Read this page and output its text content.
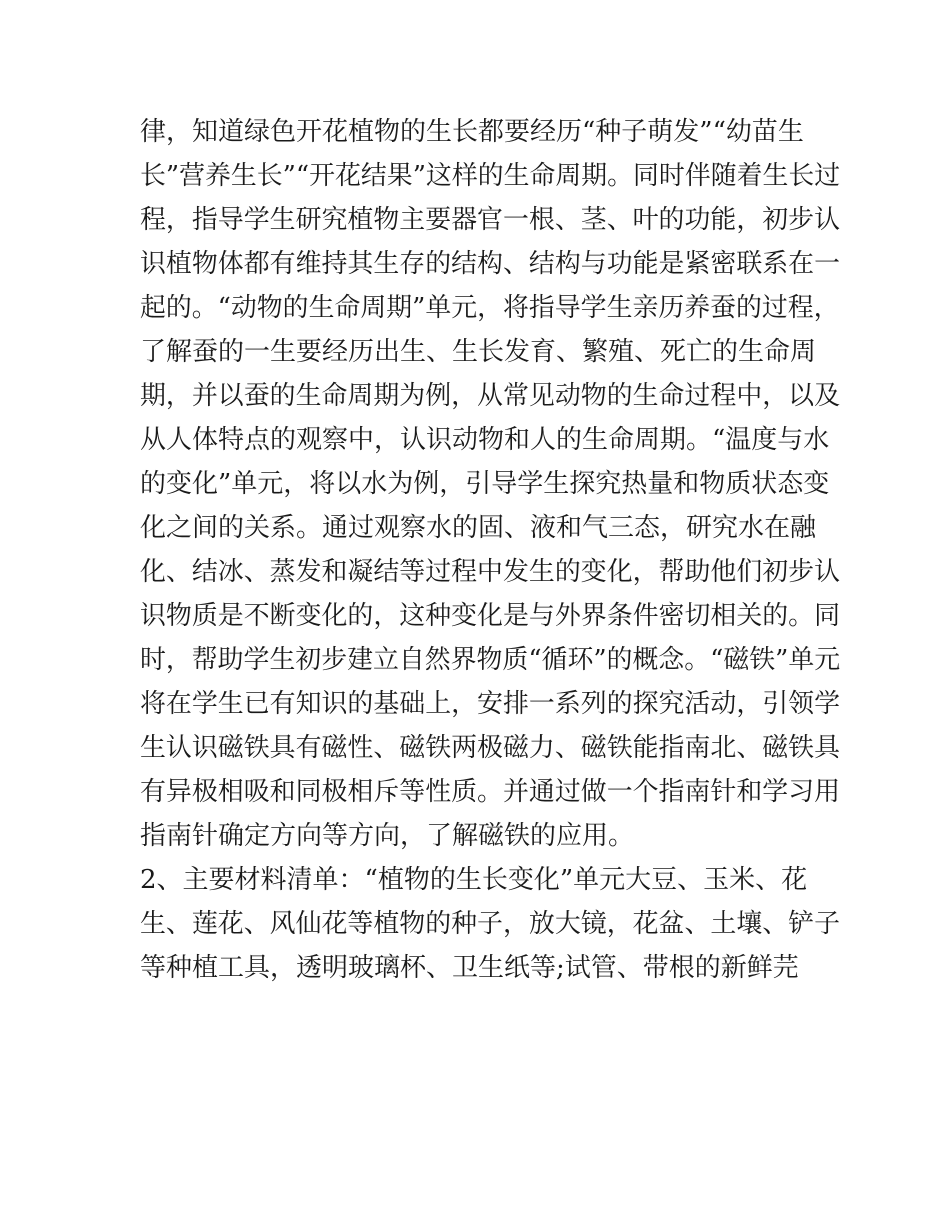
律，知道绿色开花植物的生长都要经历“种子萌发”“幼苗生
长”营养生长”“开花结果”这样的生命周期。同时伴随着生长过
程，指导学生研究植物主要器官一根、茎、叶的功能，初步认
识植物体都有维持其生存的结构、结构与功能是紧密联系在一
起的。“动物的生命周期”单元，将指导学生亲历养蚕的过程，
了解蚕的一生要经历出生、生长发育、繁殖、死亡的生命周
期，并以蚕的生命周期为例，从常见动物的生命过程中，以及
从人体特点的观察中，认识动物和人的生命周期。“温度与水
的变化”单元，将以水为例，引导学生探究热量和物质状态变
化之间的关系。通过观察水的固、液和气三态，研究水在融
化、结冰、蒸发和凝结等过程中发生的变化，帮助他们初步认
识物质是不断变化的，这种变化是与外界条件密切相关的。同
时，帮助学生初步建立自然界物质“循环”的概念。“磁铁”单元
将在学生已有知识的基础上，安排一系列的探究活动，引领学
生认识磁铁具有磁性、磁铁两极磁力、磁铁能指南北、磁铁具
有异极相吸和同极相斥等性质。并通过做一个指南针和学习用
指南针确定方向等方向，了解磁铁的应用。
2、主要材料清单：“植物的生长变化”单元大豆、玉米、花
生、莲花、风仙花等植物的种子，放大镜，花盆、土壤、铲子
等种植工具，透明玻璃杯、卫生纸等;试管、带根的新鲜芫
